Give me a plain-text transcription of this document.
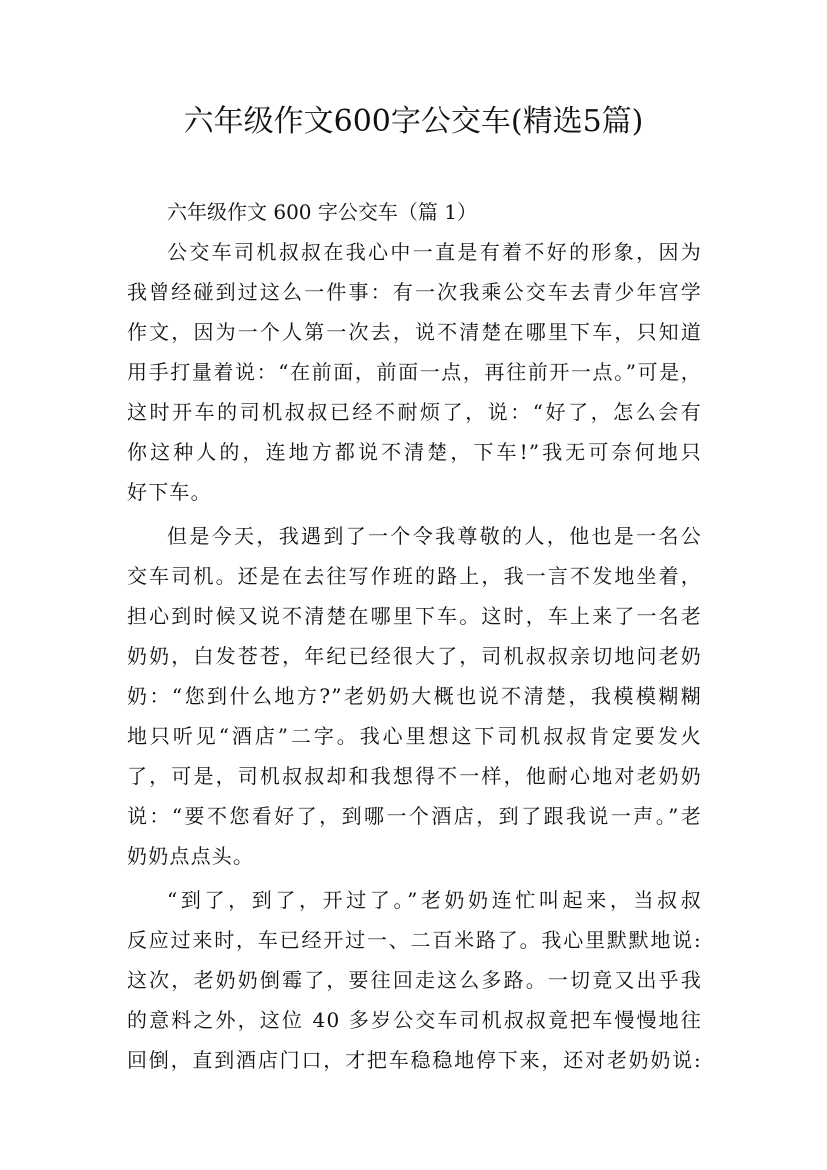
六年级作文600字公交车(精选5篇)
六年级作文 600 字公交车（篇 1）
公交车司机叔叔在我心中一直是有着不好的形象，因为
我曾经碰到过这么一件事：有一次我乘公交车去青少年宫学
作文，因为一个人第一次去，说不清楚在哪里下车，只知道
用手打量着说：“在前面，前面一点，再往前开一点。”可是，
这时开车的司机叔叔已经不耐烦了，说：“好了，怎么会有
你这种人的，连地方都说不清楚，下车!”我无可奈何地只
好下车。
但是今天，我遇到了一个令我尊敬的人，他也是一名公
交车司机。还是在去往写作班的路上，我一言不发地坐着，
担心到时候又说不清楚在哪里下车。这时，车上来了一名老
奶奶，白发苍苍，年纪已经很大了，司机叔叔亲切地问老奶
奶：“您到什么地方?”老奶奶大概也说不清楚，我模模糊糊
地只听见“酒店”二字。我心里想这下司机叔叔肯定要发火
了，可是，司机叔叔却和我想得不一样，他耐心地对老奶奶
说：“要不您看好了，到哪一个酒店，到了跟我说一声。”老
奶奶点点头。
“到了，到了，开过了。”老奶奶连忙叫起来，当叔叔
反应过来时，车已经开过一、二百米路了。我心里默默地说:
这次，老奶奶倒霉了，要往回走这么多路。一切竟又出乎我
的意料之外，这位 40 多岁公交车司机叔叔竟把车慢慢地往
回倒，直到酒店门口，才把车稳稳地停下来，还对老奶奶说:
